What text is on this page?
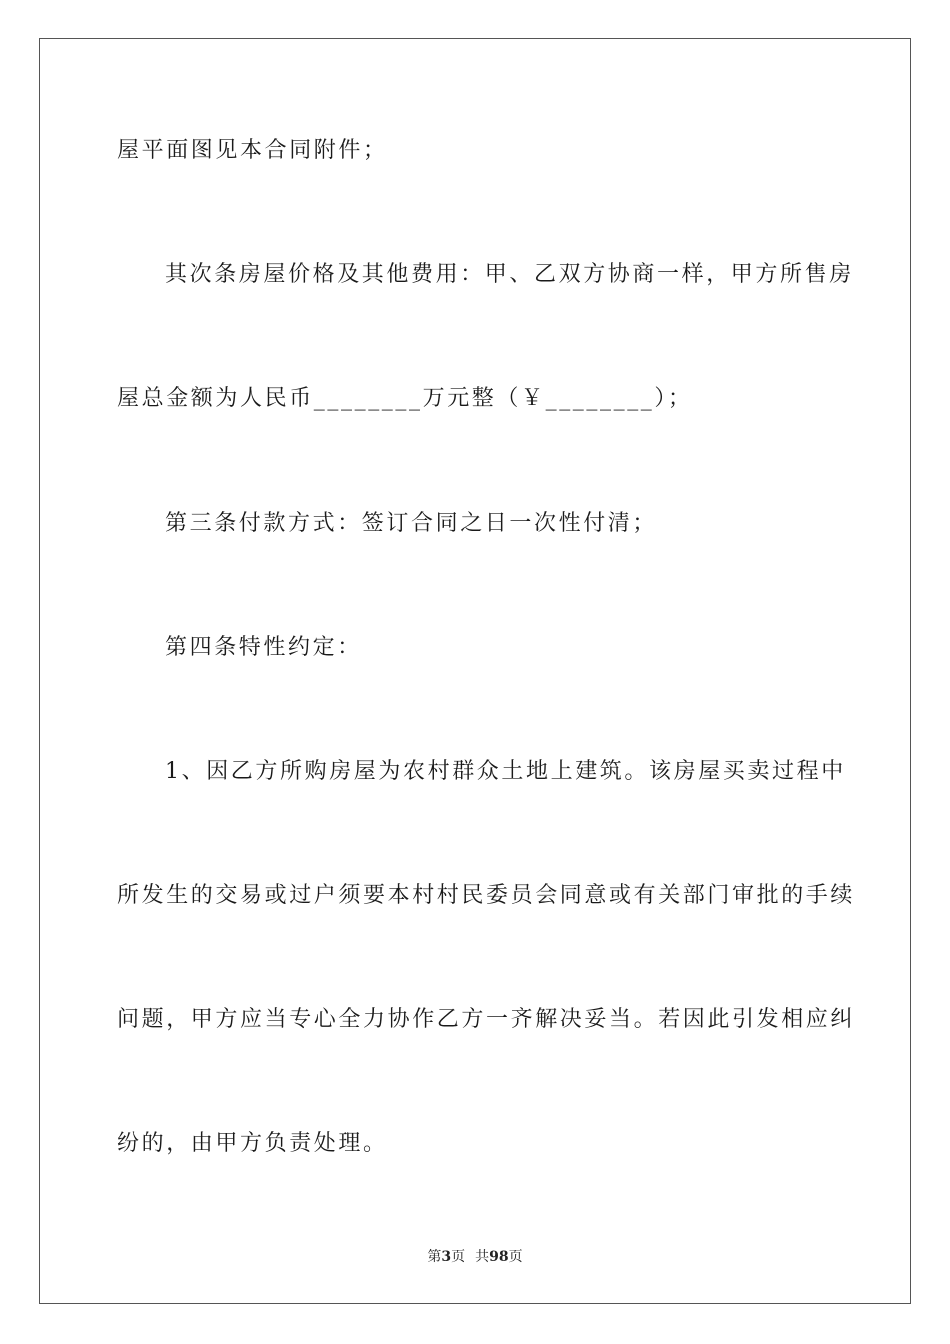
屋平面图见本合同附件；
其次条房屋价格及其他费用：甲、乙双方协商一样，甲方所售房
屋总金额为人民币________万元整（￥________）；
第三条付款方式：签订合同之日一次性付清；
第四条特性约定：
1、因乙方所购房屋为农村群众土地上建筑。该房屋买卖过程中
所发生的交易或过户须要本村村民委员会同意或有关部门审批的手续
问题，甲方应当专心全力协作乙方一齐解决妥当。若因此引发相应纠
纷的，由甲方负责处理。
第3页 共98页
